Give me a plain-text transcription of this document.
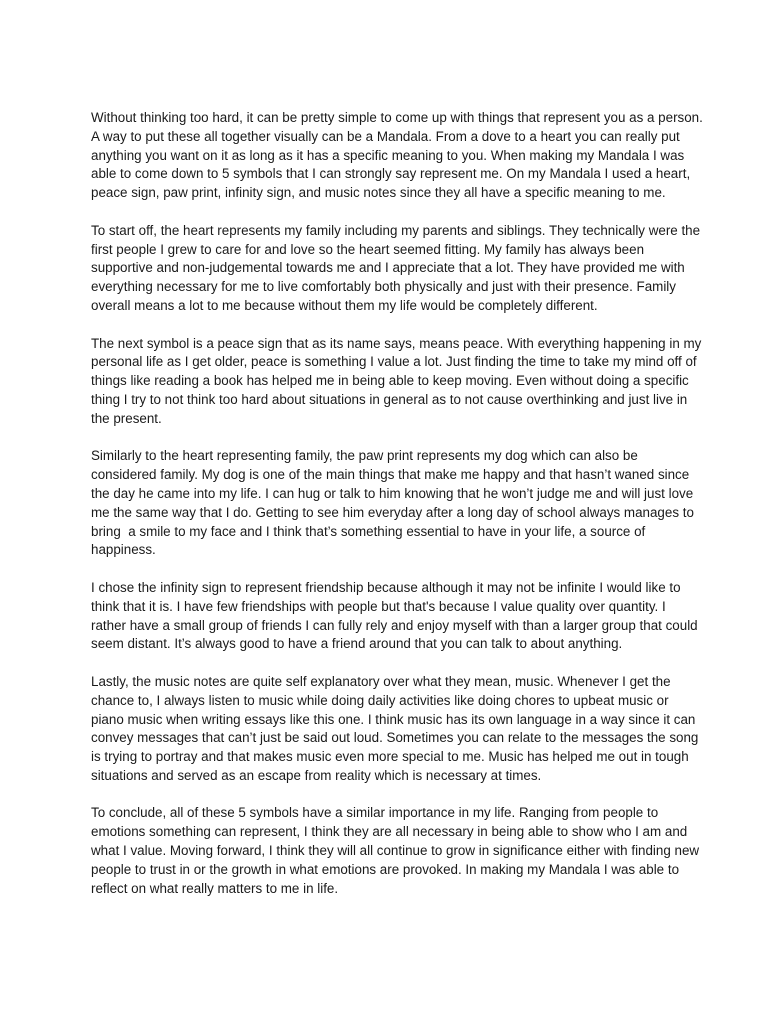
Without thinking too hard, it can be pretty simple to come up with things that represent you as a person. A way to put these all together visually can be a Mandala. From a dove to a heart you can really put anything you want on it as long as it has a specific meaning to you. When making my Mandala I was able to come down to 5 symbols that I can strongly say represent me. On my Mandala I used a heart, peace sign, paw print, infinity sign, and music notes since they all have a specific meaning to me.

To start off, the heart represents my family including my parents and siblings. They technically were the first people I grew to care for and love so the heart seemed fitting. My family has always been supportive and non-judgemental towards me and I appreciate that a lot. They have provided me with everything necessary for me to live comfortably both physically and just with their presence. Family overall means a lot to me because without them my life would be completely different.

The next symbol is a peace sign that as its name says, means peace. With everything happening in my personal life as I get older, peace is something I value a lot. Just finding the time to take my mind off of things like reading a book has helped me in being able to keep moving. Even without doing a specific thing I try to not think too hard about situations in general as to not cause overthinking and just live in the present.

Similarly to the heart representing family, the paw print represents my dog which can also be considered family. My dog is one of the main things that make me happy and that hasn’t waned since the day he came into my life. I can hug or talk to him knowing that he won’t judge me and will just love me the same way that I do. Getting to see him everyday after a long day of school always manages to bring  a smile to my face and I think that’s something essential to have in your life, a source of happiness.

I chose the infinity sign to represent friendship because although it may not be infinite I would like to think that it is. I have few friendships with people but that's because I value quality over quantity. I rather have a small group of friends I can fully rely and enjoy myself with than a larger group that could seem distant. It’s always good to have a friend around that you can talk to about anything.

Lastly, the music notes are quite self explanatory over what they mean, music. Whenever I get the chance to, I always listen to music while doing daily activities like doing chores to upbeat music or piano music when writing essays like this one. I think music has its own language in a way since it can convey messages that can’t just be said out loud. Sometimes you can relate to the messages the song is trying to portray and that makes music even more special to me. Music has helped me out in tough situations and served as an escape from reality which is necessary at times.

To conclude, all of these 5 symbols have a similar importance in my life. Ranging from people to emotions something can represent, I think they are all necessary in being able to show who I am and what I value. Moving forward, I think they will all continue to grow in significance either with finding new people to trust in or the growth in what emotions are provoked. In making my Mandala I was able to reflect on what really matters to me in life.
